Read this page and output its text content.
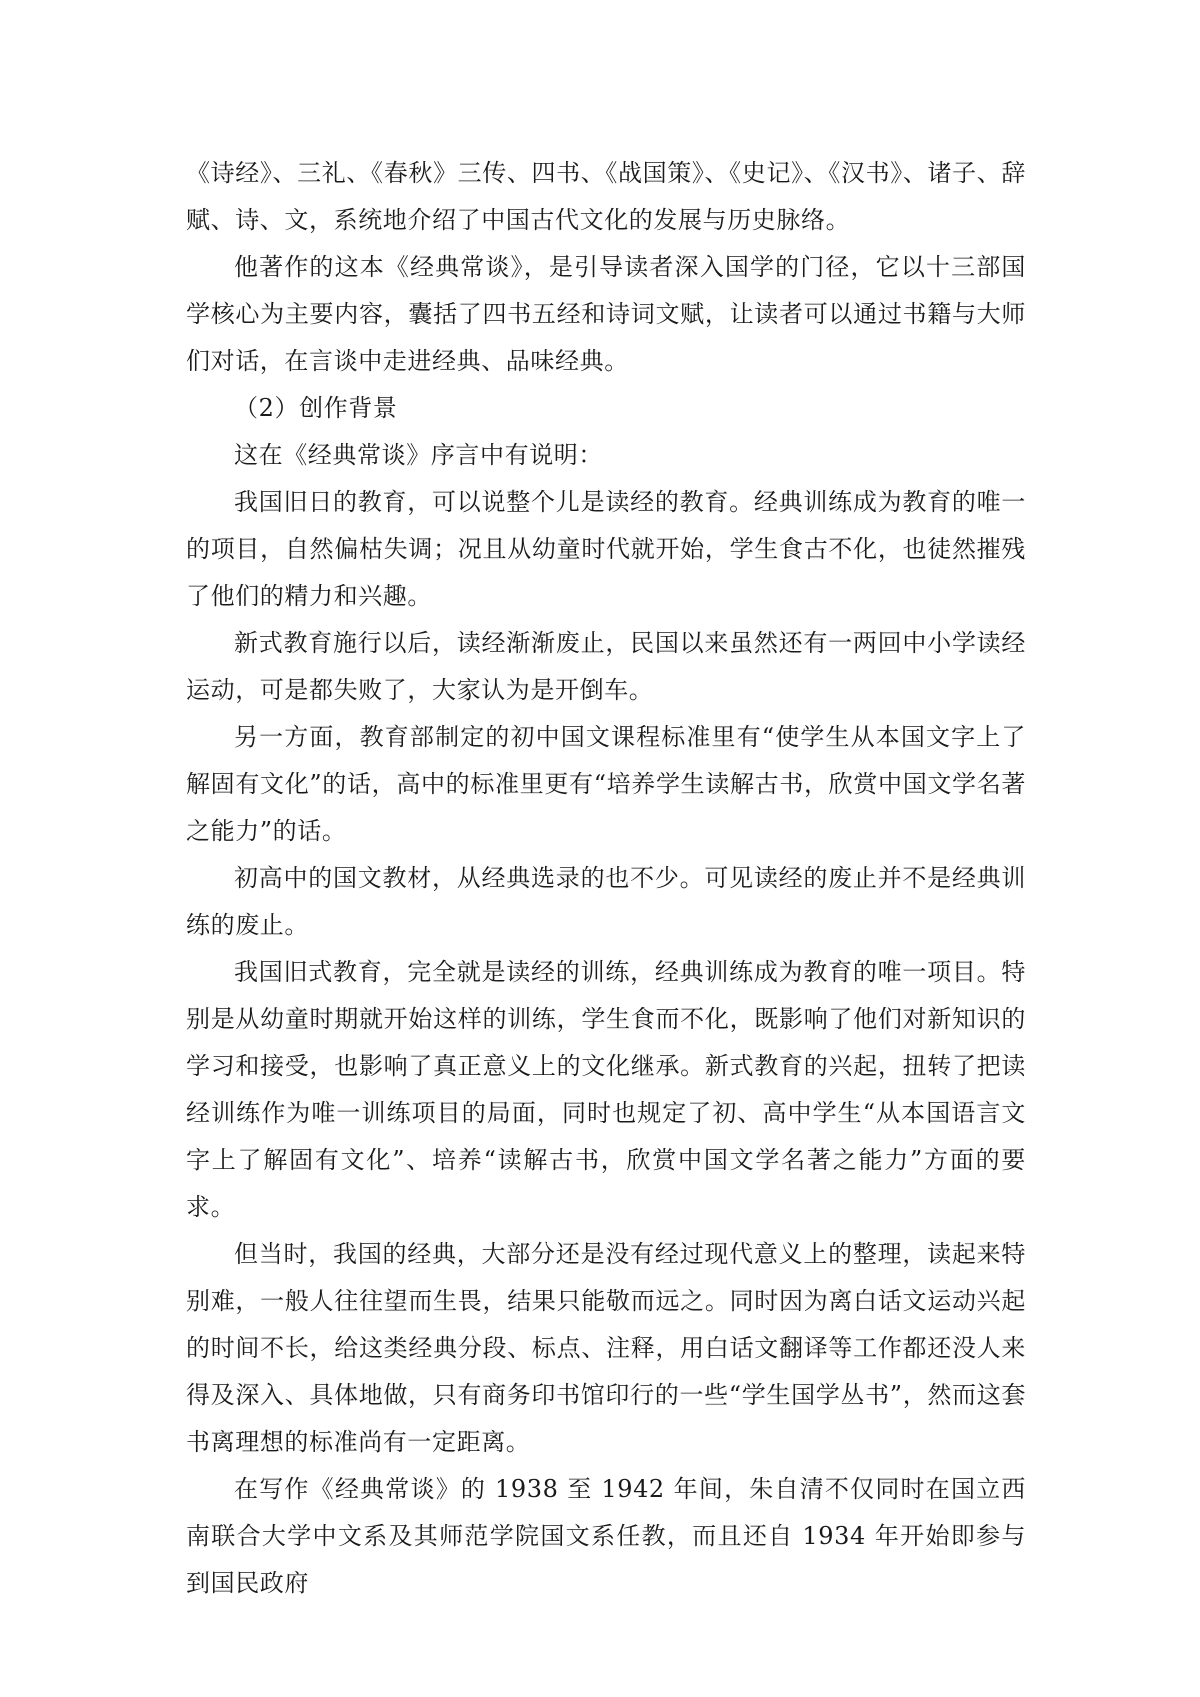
《诗经》、三礼、《春秋》三传、四书、《战国策》、《史记》、《汉书》、诸子、辞赋、诗、文，系统地介绍了中国古代文化的发展与历史脉络。

他著作的这本《经典常谈》，是引导读者深入国学的门径，它以十三部国学核心为主要内容，囊括了四书五经和诗词文赋，让读者可以通过书籍与大师们对话，在言谈中走进经典、品味经典。

（2）创作背景

这在《经典常谈》序言中有说明：

我国旧日的教育，可以说整个儿是读经的教育。经典训练成为教育的唯一的项目，自然偏枯失调；况且从幼童时代就开始，学生食古不化，也徒然摧残了他们的精力和兴趣。

新式教育施行以后，读经渐渐废止，民国以来虽然还有一两回中小学读经运动，可是都失败了，大家认为是开倒车。

另一方面，教育部制定的初中国文课程标准里有“使学生从本国文字上了解固有文化”的话，高中的标准里更有“培养学生读解古书，欣赏中国文学名著之能力”的话。

初高中的国文教材，从经典选录的也不少。可见读经的废止并不是经典训练的废止。

我国旧式教育，完全就是读经的训练，经典训练成为教育的唯一项目。特别是从幼童时期就开始这样的训练，学生食而不化，既影响了他们对新知识的学习和接受，也影响了真正意义上的文化继承。新式教育的兴起，扭转了把读经训练作为唯一训练项目的局面，同时也规定了初、高中学生“从本国语言文字上了解固有文化”、培养“读解古书，欣赏中国文学名著之能力”方面的要求。

但当时，我国的经典，大部分还是没有经过现代意义上的整理，读起来特别难，一般人往往望而生畏，结果只能敬而远之。同时因为离白话文运动兴起的时间不长，给这类经典分段、标点、注释，用白话文翻译等工作都还没人来得及深入、具体地做，只有商务印书馆印行的一些“学生国学丛书”，然而这套书离理想的标准尚有一定距离。

在写作《经典常谈》的 1938 至 1942 年间，朱自清不仅同时在国立西南联合大学中文系及其师范学院国文系任教，而且还自 1934 年开始即参与到国民政府
